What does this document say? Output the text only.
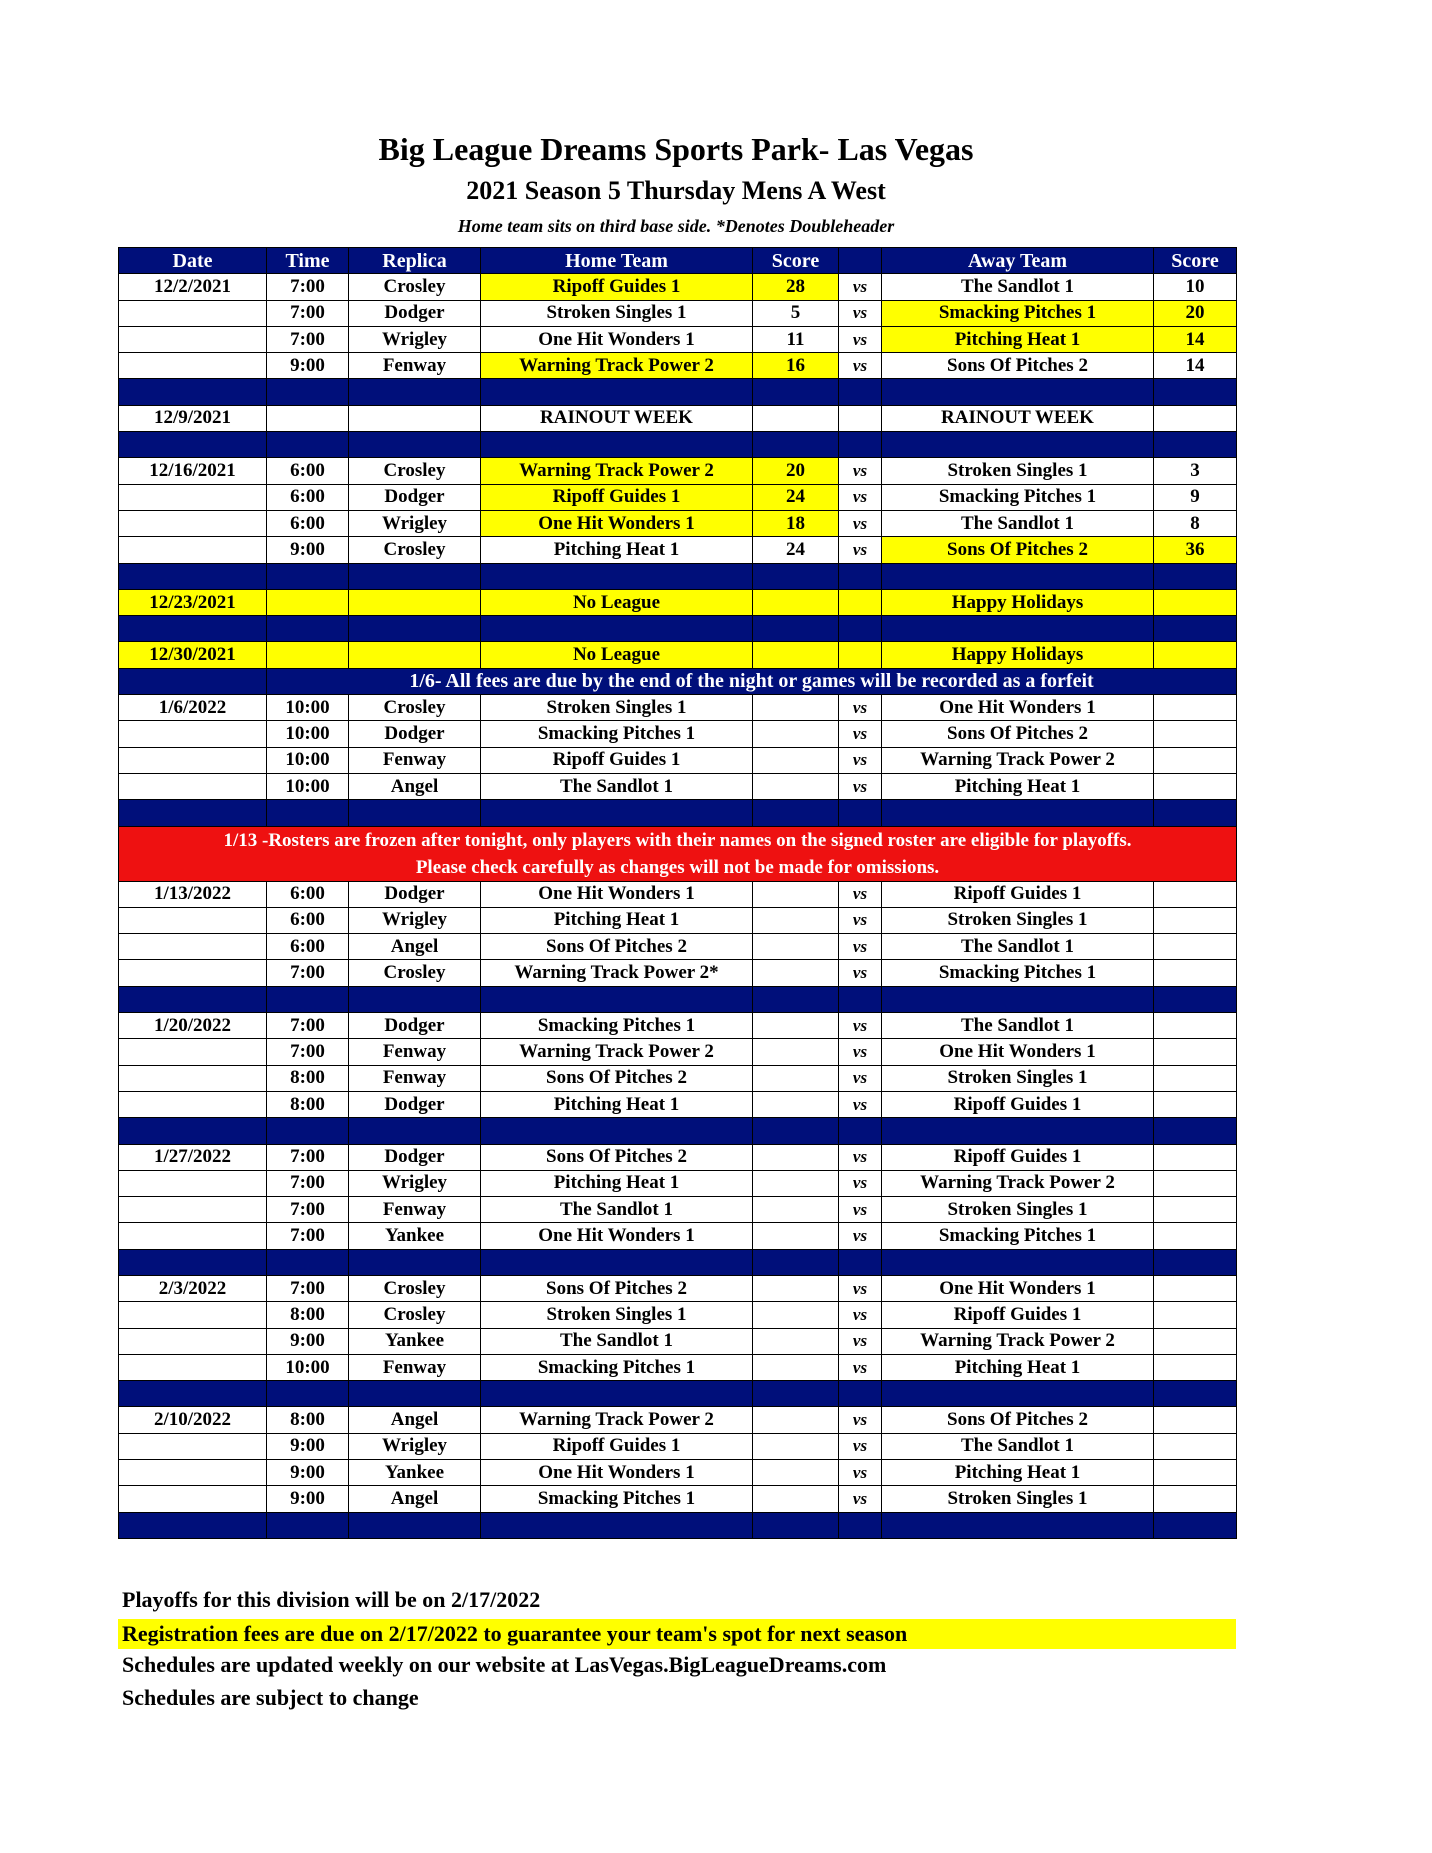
Big League Dreams Sports Park- Las Vegas
2021 Season 5 Thursday Mens A West
Home team sits on third base side. *Denotes Doubleheader
Date	Time	Replica	Home Team	Score		Away Team	Score
12/2/2021	7:00	Crosley	Ripoff Guides 1	28	vs	The Sandlot 1	10
	7:00	Dodger	Stroken Singles 1	5	vs	Smacking Pitches 1	20
	7:00	Wrigley	One Hit Wonders 1	11	vs	Pitching Heat 1	14
	9:00	Fenway	Warning Track Power 2	16	vs	Sons Of Pitches 2	14

12/9/2021			RAINOUT WEEK			RAINOUT WEEK	

12/16/2021	6:00	Crosley	Warning Track Power 2	20	vs	Stroken Singles 1	3
	6:00	Dodger	Ripoff Guides 1	24	vs	Smacking Pitches 1	9
	6:00	Wrigley	One Hit Wonders 1	18	vs	The Sandlot 1	8
	9:00	Crosley	Pitching Heat 1	24	vs	Sons Of Pitches 2	36

12/23/2021			No League			Happy Holidays	

12/30/2021			No League			Happy Holidays	
	1/6- All fees are due by the end of the night or games will be recorded as a forfeit						
1/6/2022	10:00	Crosley	Stroken Singles 1		vs	One Hit Wonders 1	
	10:00	Dodger	Smacking Pitches 1		vs	Sons Of Pitches 2	
	10:00	Fenway	Ripoff Guides 1		vs	Warning Track Power 2	
	10:00	Angel	The Sandlot 1		vs	Pitching Heat 1	

1/13 -Rosters are frozen after tonight, only players with their names on the signed roster are eligible for playoffs.
Please check carefully as changes will not be made for omissions.							

1/13/2022	6:00	Dodger	One Hit Wonders 1		vs	Ripoff Guides 1	
	6:00	Wrigley	Pitching Heat 1		vs	Stroken Singles 1	
	6:00	Angel	Sons Of Pitches 2		vs	The Sandlot 1	
	7:00	Crosley	Warning Track Power 2*		vs	Smacking Pitches 1	

1/20/2022	7:00	Dodger	Smacking Pitches 1		vs	The Sandlot 1	
	7:00	Fenway	Warning Track Power 2		vs	One Hit Wonders 1	
	8:00	Fenway	Sons Of Pitches 2		vs	Stroken Singles 1	
	8:00	Dodger	Pitching Heat 1		vs	Ripoff Guides 1	

1/27/2022	7:00	Dodger	Sons Of Pitches 2		vs	Ripoff Guides 1	
	7:00	Wrigley	Pitching Heat 1		vs	Warning Track Power 2	
	7:00	Fenway	The Sandlot 1		vs	Stroken Singles 1	
	7:00	Yankee	One Hit Wonders 1		vs	Smacking Pitches 1	

2/3/2022	7:00	Crosley	Sons Of Pitches 2		vs	One Hit Wonders 1	
	8:00	Crosley	Stroken Singles 1		vs	Ripoff Guides 1	
	9:00	Yankee	The Sandlot 1		vs	Warning Track Power 2	
	10:00	Fenway	Smacking Pitches 1		vs	Pitching Heat 1	

2/10/2022	8:00	Angel	Warning Track Power 2		vs	Sons Of Pitches 2	
	9:00	Wrigley	Ripoff Guides 1		vs	The Sandlot 1	
	9:00	Yankee	One Hit Wonders 1		vs	Pitching Heat 1	
	9:00	Angel	Smacking Pitches 1		vs	Stroken Singles 1	

Playoffs for this division will be on 2/17/2022
Registration fees are due on 2/17/2022 to guarantee your team's spot for next season
Schedules are updated weekly on our website at LasVegas.BigLeagueDreams.com
Schedules are subject to change
